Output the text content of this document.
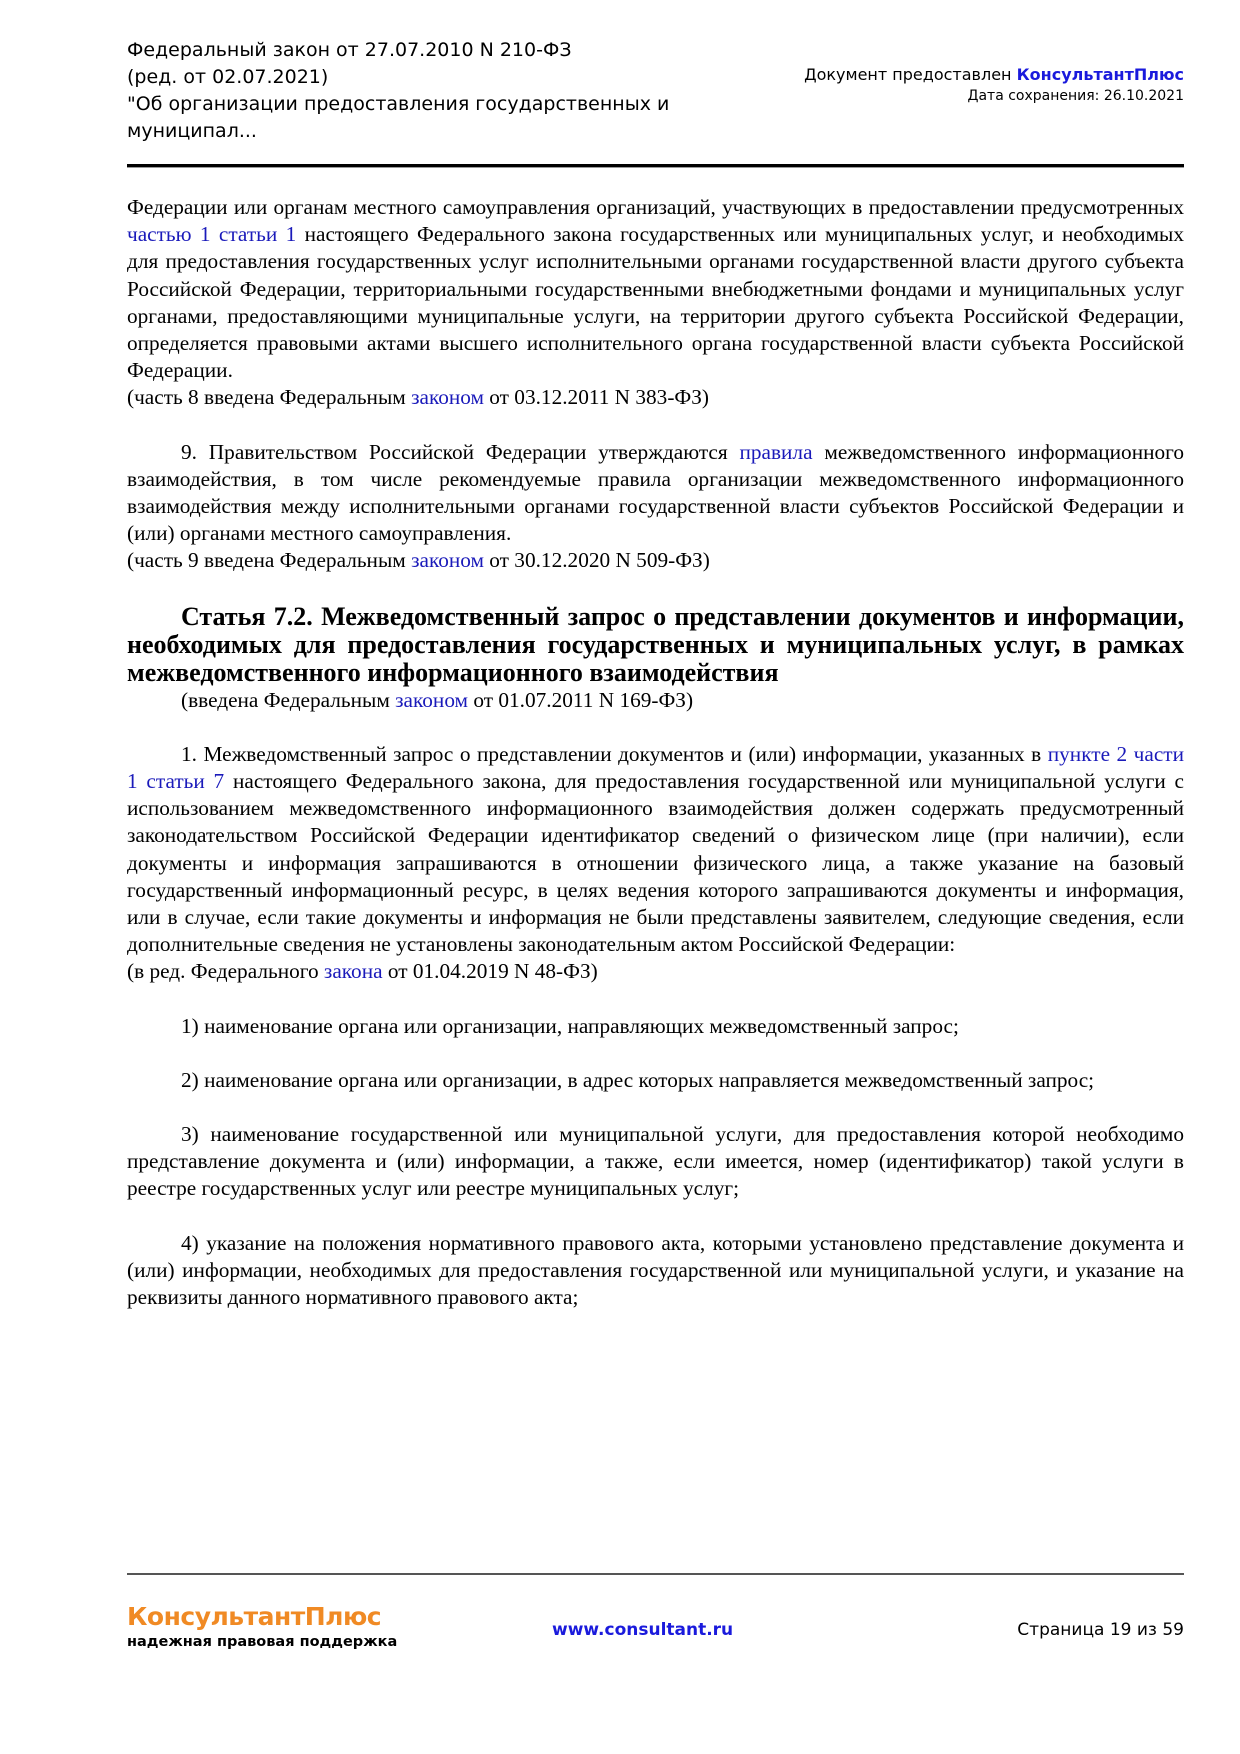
Федеральный закон от 27.07.2010 N 210-ФЗ
(ред. от 02.07.2021)
"Об организации предоставления государственных и
муниципал...
Документ предоставлен КонсультантПлюс
Дата сохранения: 26.10.2021

Федерации или органам местного самоуправления организаций, участвующих в предоставлении предусмотренных частью 1 статьи 1 настоящего Федерального закона государственных или муниципальных услуг, и необходимых для предоставления государственных услуг исполнительными органами государственной власти другого субъекта Российской Федерации, территориальными государственными внебюджетными фондами и муниципальных услуг органами, предоставляющими муниципальные услуги, на территории другого субъекта Российской Федерации, определяется правовыми актами высшего исполнительного органа государственной власти субъекта Российской Федерации.

(часть 8 введена Федеральным законом от 03.12.2011 N 383-ФЗ)

9. Правительством Российской Федерации утверждаются правила межведомственного информационного взаимодействия, в том числе рекомендуемые правила организации межведомственного информационного взаимодействия между исполнительными органами государственной власти субъектов Российской Федерации и (или) органами местного самоуправления.

(часть 9 введена Федеральным законом от 30.12.2020 N 509-ФЗ)

Статья 7.2. Межведомственный запрос о представлении документов и информации, необходимых для предоставления государственных и муниципальных услуг, в рамках межведомственного информационного взаимодействия

(введена Федеральным законом от 01.07.2011 N 169-ФЗ)

1. Межведомственный запрос о представлении документов и (или) информации, указанных в пункте 2 части 1 статьи 7 настоящего Федерального закона, для предоставления государственной или муниципальной услуги с использованием межведомственного информационного взаимодействия должен содержать предусмотренный законодательством Российской Федерации идентификатор сведений о физическом лице (при наличии), если документы и информация запрашиваются в отношении физического лица, а также указание на базовый государственный информационный ресурс, в целях ведения которого запрашиваются документы и информация, или в случае, если такие документы и информация не были представлены заявителем, следующие сведения, если дополнительные сведения не установлены законодательным актом Российской Федерации:

(в ред. Федерального закона от 01.04.2019 N 48-ФЗ)

1) наименование органа или организации, направляющих межведомственный запрос;

2) наименование органа или организации, в адрес которых направляется межведомственный запрос;

3) наименование государственной или муниципальной услуги, для предоставления которой необходимо представление документа и (или) информации, а также, если имеется, номер (идентификатор) такой услуги в реестре государственных услуг или реестре муниципальных услуг;

4) указание на положения нормативного правового акта, которыми установлено представление документа и (или) информации, необходимых для предоставления государственной или муниципальной услуги, и указание на реквизиты данного нормативного правового акта;

КонсультантПлюс
надежная правовая поддержка
www.consultant.ru	Страница 19 из 59
